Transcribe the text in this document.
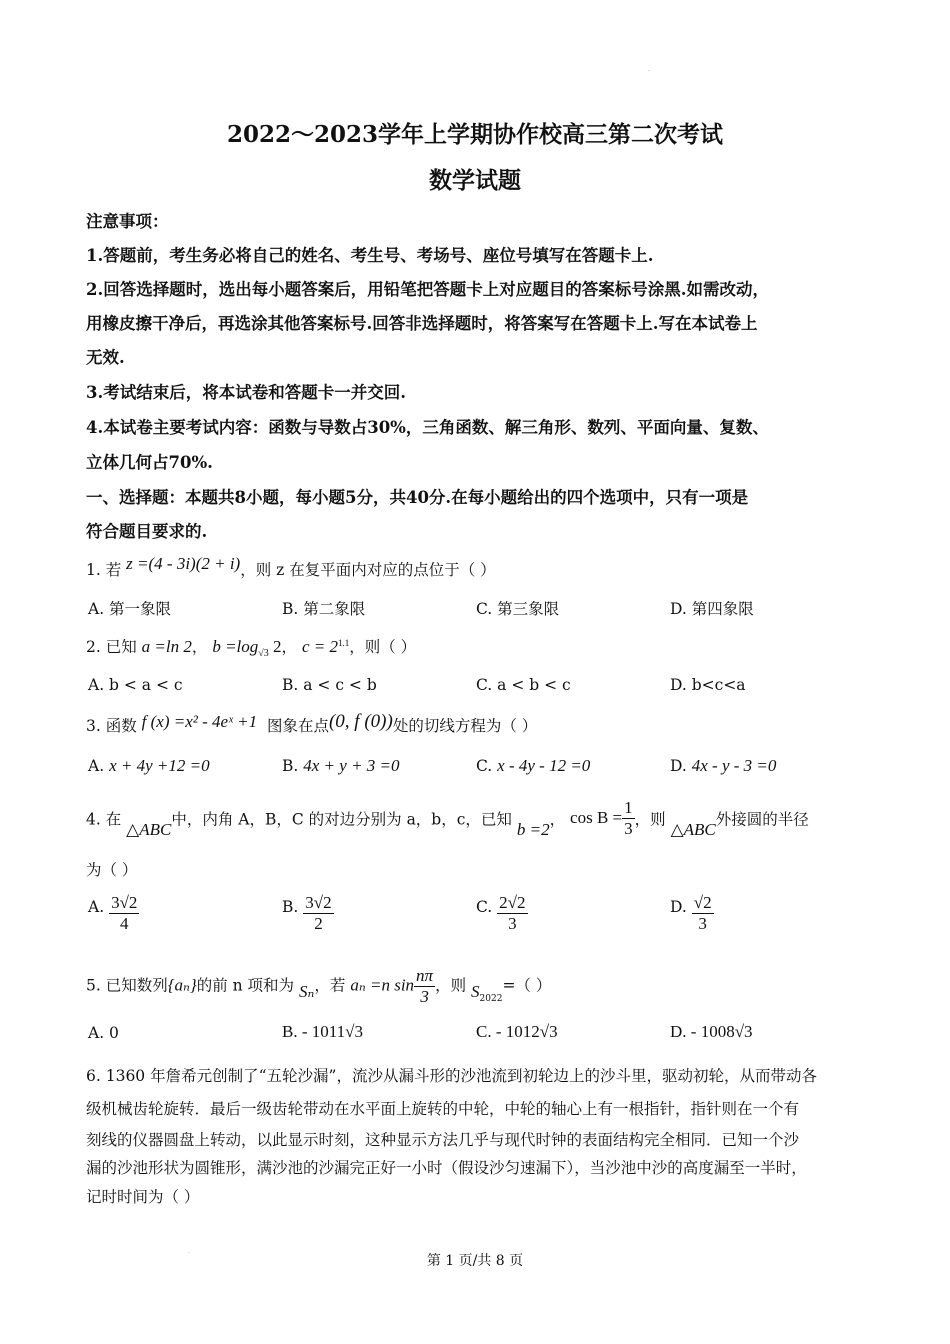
.
2022～2023学年上学期协作校高三第二次考试
数学试题
注意事项：
1.答题前，考生务必将自己的姓名、考生号、考场号、座位号填写在答题卡上.
2.回答选择题时，选出每小题答案后，用铅笔把答题卡上对应题目的答案标号涂黑.如需改动，
用橡皮擦干净后，再选涂其他答案标号.回答非选择题时，将答案写在答题卡上.写在本试卷上
无效.
3.考试结束后，将本试卷和答题卡一并交回.
4.本试卷主要考试内容：函数与导数占30%，三角函数、解三角形、数列、平面向量、复数、
立体几何占70%.
一、选择题：本题共8小题，每小题5分，共40分.在每小题给出的四个选项中，只有一项是
符合题目要求的.
1. 若 z =(4 - 3i)(2 + i)，则 z 在复平面内对应的点位于（ ）
A. 第一象限	B. 第二象限	C. 第三象限	D. 第四象限
2. 已知 a =ln 2， $b =\log_{√3}$ 2， $c = 2^{1.1}$，则（ ）
A. b < a < c	B. a < c < b	C. a < b < c	D. b<c<a
3. 函数 f (x) =x² - 4eˣ +1 图象在点(0, f (0))处的切线方程为（ ）
A. x + 4y +12 =0	B. 4x + y + 3 =0	C. x - 4y - 12 =0	D. 4x - y - 3 =0
4. 在 △ABC中，内角 A，B，C 的对边分别为 a，b，c，已知 b =2， $\cos B = \frac{1}{3}$ ，则 △ABC外接圆的半径
为（ ）
A. $\frac{3√2}{4}$	B. $\frac{3√2}{2}$	C. $\frac{2√2}{3}$	D. $\frac{√2}{3}$
5. 已知数列{aₙ}的前 n 项和为 Sₙ，若 aₙ =n $\sin \frac{n\pi}{3}$ ，则 $S_{2022}=$（ ）
A. 0	B. - 1011√3	C. - 1012√3	D. - 1008√3
6. 1360 年詹希元创制了“五轮沙漏”，流沙从漏斗形的沙池流到初轮边上的沙斗里，驱动初轮，从而带动各
级机械齿轮旋转．最后一级齿轮带动在水平面上旋转的中轮，中轮的轴心上有一根指针，指针则在一个有
刻线的仪器圆盘上转动，以此显示时刻，这种显示方法几乎与现代时钟的表面结构完全相同．已知一个沙
漏的沙池形状为圆锥形，满沙池的沙漏完正好一小时（假设沙匀速漏下），当沙池中沙的高度漏至一半时，
记时时间为（ ）
.
第 1 页/共 8 页
